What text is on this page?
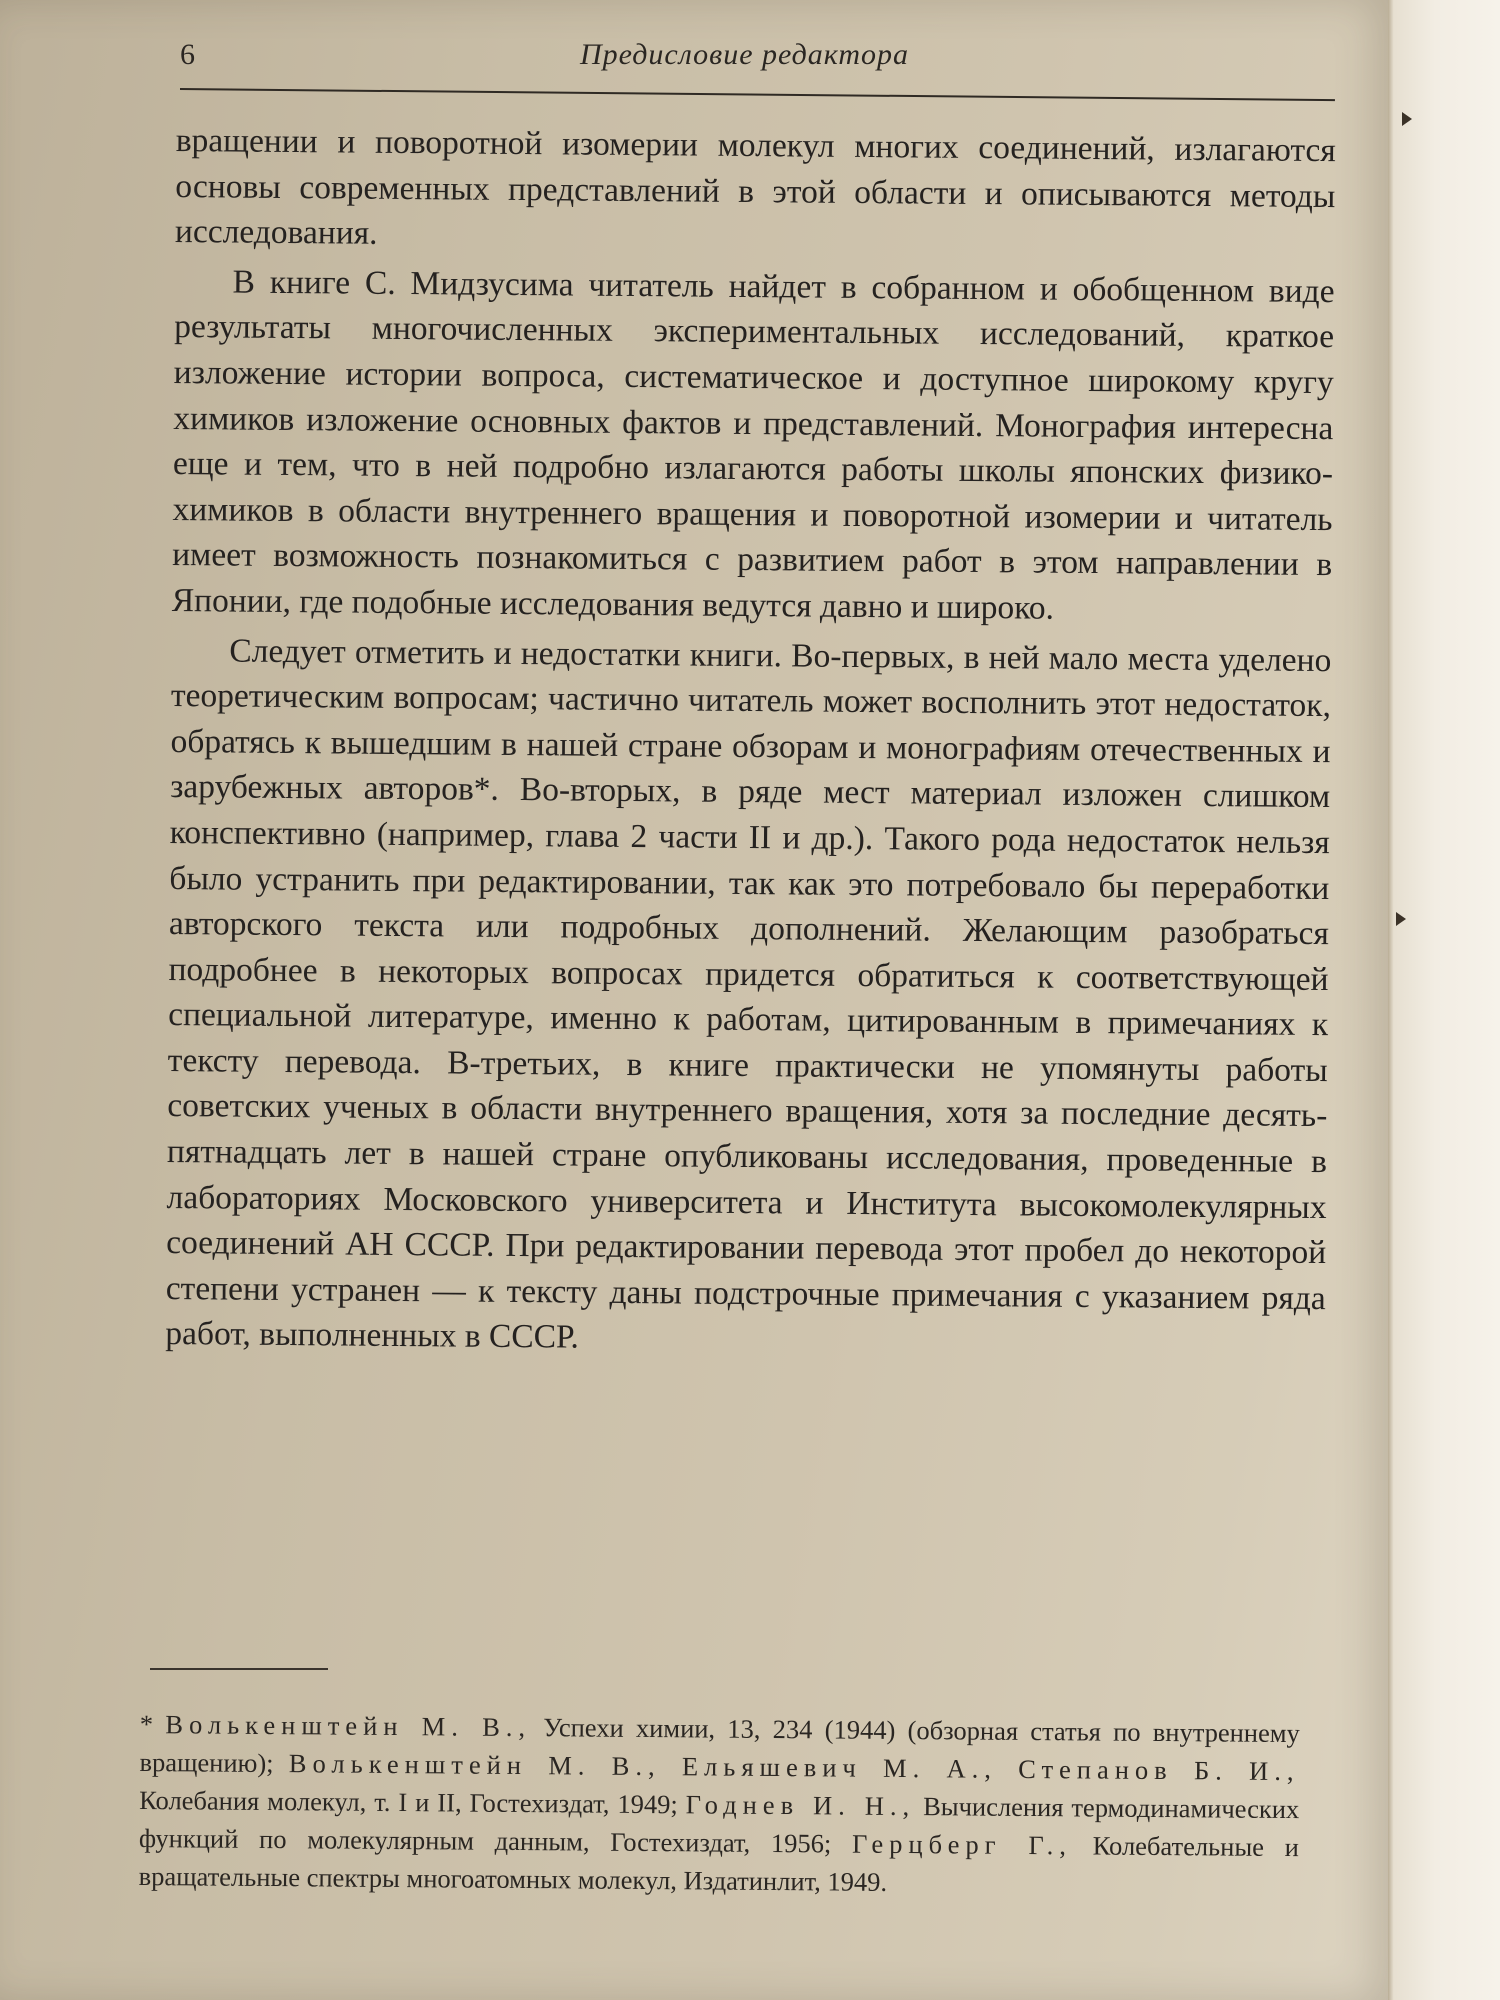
6	Предисловие редактора

вращении и поворотной изомерии молекул многих соединений, излагаются основы современных представлений в этой области и описываются методы исследования.

В книге С. Мидзусима читатель найдет в собранном и обобщенном виде результаты многочисленных экспериментальных исследований, краткое изложение истории вопроса, систематическое и доступное широкому кругу химиков изложение основных фактов и представлений. Монография интересна еще и тем, что в ней подробно излагаются работы школы японских физико-химиков в области внутреннего вращения и поворотной изомерии и читатель имеет возможность познакомиться с развитием работ в этом направлении в Японии, где подобные исследования ведутся давно и широко.

Следует отметить и недостатки книги. Во-первых, в ней мало места уделено теоретическим вопросам; частично читатель может восполнить этот недостаток, обратясь к вышедшим в нашей стране обзорам и монографиям отечественных и зарубежных авторов*. Во-вторых, в ряде мест материал изложен слишком конспективно (например, глава 2 части II и др.). Такого рода недостаток нельзя было устранить при редактировании, так как это потребовало бы переработки авторского текста или подробных дополнений. Желающим разобраться подробнее в некоторых вопросах придется обратиться к соответствующей специальной литературе, именно к работам, цитированным в примечаниях к тексту перевода. В-третьих, в книге практически не упомянуты работы советских ученых в области внутреннего вращения, хотя за последние десять-пятнадцать лет в нашей стране опубликованы исследования, проведенные в лабораториях Московского университета и Института высокомолекулярных соединений АН СССР. При редактировании перевода этот пробел до некоторой степени устранен — к тексту даны подстрочные примечания с указанием ряда работ, выполненных в СССР.

* Волькенштейн М. В., Успехи химии, 13, 234 (1944) (обзорная статья по внутреннему вращению); Волькенштейн М. В., Ельяшевич М. А., Степанов Б. И., Колебания молекул, т. I и II, Гостехиздат, 1949; Годнев И. Н., Вычисления термодинамических функций по молекулярным данным, Гостехиздат, 1956; Герцберг Г., Колебательные и вращательные спектры многоатомных молекул, Издатинлит, 1949.
